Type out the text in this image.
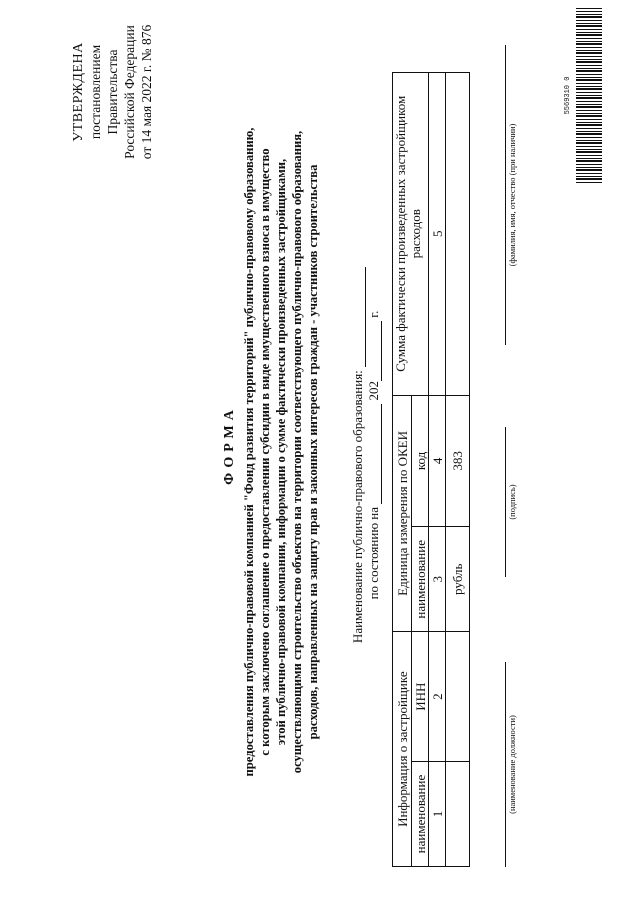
УТВЕРЖДЕНА постановлением Правительства Российской Федерации от 14 мая 2022 г. № 876	5569310 0
ФОРМА предоставления публично-правовой компанией "Фонд развития территорий" публично-правовому образованию, с которым заключено соглашение о предоставлении субсидии в виде имущественного взноса в имущество этой публично-правовой компании, информации о сумме фактически произведенных застройщиками, осуществляющими строительство объектов на территории соответствующего публично-правового образования, расходов, направленных на защиту прав и законных интересов граждан - участников строительства Наименование публично-правового образования: по состоянию на  202 г.
Информация о застройщике		Единица измерения по ОКЕИ		Сумма фактически произведенных застройщиком расходов
наименование	ИНН	наименование	код	
1	2	3	4	5
		рубль	383	
(наименование должности)
(подпись)
(фамилия, имя, отчество (при наличии)
